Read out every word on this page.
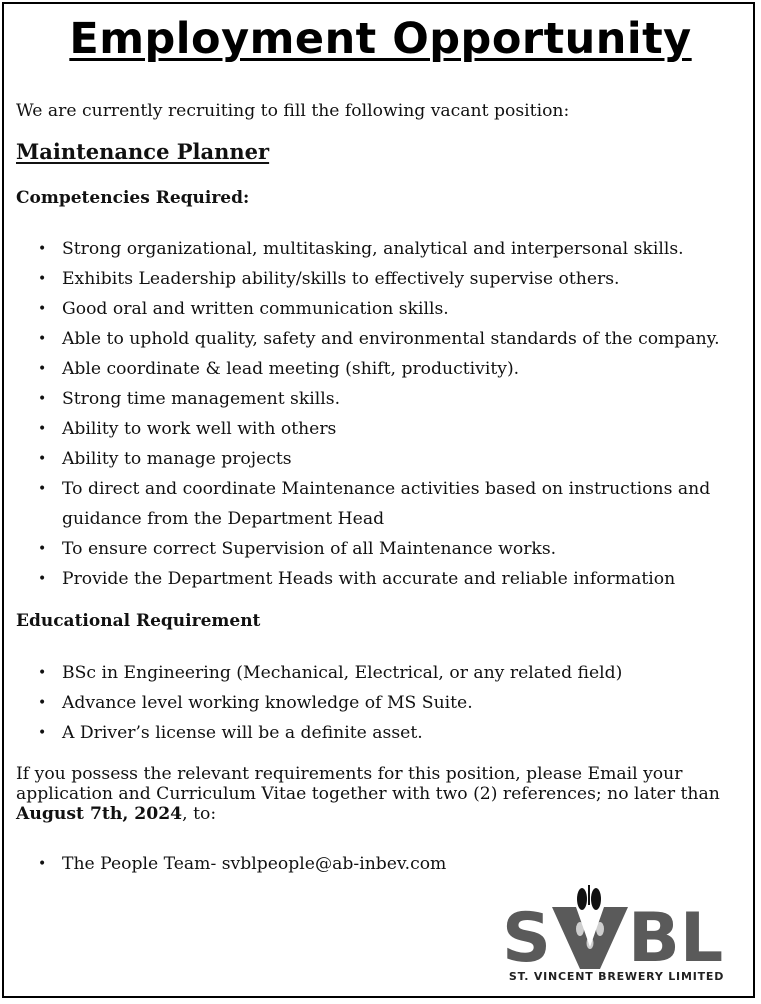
Employment Opportunity
We are currently recruiting to fill the following vacant position:
Maintenance Planner
Competencies Required:
• Strong organizational, multitasking, analytical and interpersonal skills.
• Exhibits Leadership ability/skills to effectively supervise others.
• Good oral and written communication skills.
• Able to uphold quality, safety and environmental standards of the company.
• Able coordinate & lead meeting (shift, productivity).
• Strong time management skills.
• Ability to work well with others
• Ability to manage projects
• To direct and coordinate Maintenance activities based on instructions and
guidance from the Department Head
• To ensure correct Supervision of all Maintenance works.
• Provide the Department Heads with accurate and reliable information
Educational Requirement
• BSc in Engineering (Mechanical, Electrical, or any related field)
• Advance level working knowledge of MS Suite.
• A Driver’s license will be a definite asset.
If you possess the relevant requirements for this position, please Email your
application and Curriculum Vitae together with two (2) references; no later than
August 7th, 2024, to:
• The People Team- svblpeople@ab-inbev.com
S BL
ST. VINCENT BREWERY LIMITED
